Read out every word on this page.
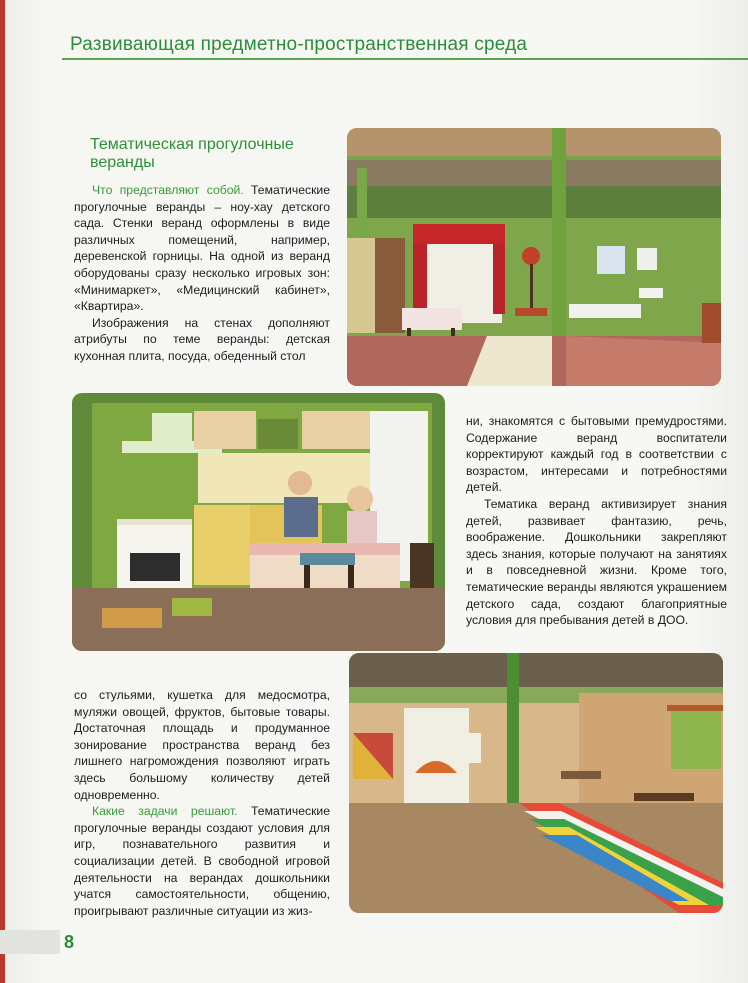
Развивающая предметно-пространственная среда
Тематическая прогулочные веранды

Что представляют собой. Тематические прогулочные веранды – ноу-хау детского сада. Стенки веранд оформлены в виде различных помещений, например, деревенской горницы. На одной из веранд оборудованы сразу несколько игровых зон: «Минимаркет», «Медицинский кабинет», «Квартира».

Изображения на стенах дополняют атрибуты по теме веранды: детская кухонная плита, посуда, обеденный стол

ни, знакомятся с бытовыми премудростями. Содержание веранд воспитатели корректируют каждый год в соответствии с возрастом, интересами и потребностями детей.

Тематика веранд активизирует знания детей, развивает фантазию, речь, воображение. Дошкольники закрепляют здесь знания, которые получают на занятиях и в повседневной жизни. Кроме того, тематические веранды являются украшением детского сада, создают благоприятные условия для пребывания детей в ДОО.

со стульями, кушетка для медосмотра, муляжи овощей, фруктов, бытовые товары. Достаточная площадь и продуманное зонирование пространства веранд без лишнего нагромождения позволяют играть здесь большому количеству детей одновременно.

Какие задачи решают. Тематические прогулочные веранды создают условия для игр, познавательного развития и социализации детей. В свободной игровой деятельности на верандах дошкольники учатся самостоятельности, общению, проигрывают различные ситуации из жиз-

8
